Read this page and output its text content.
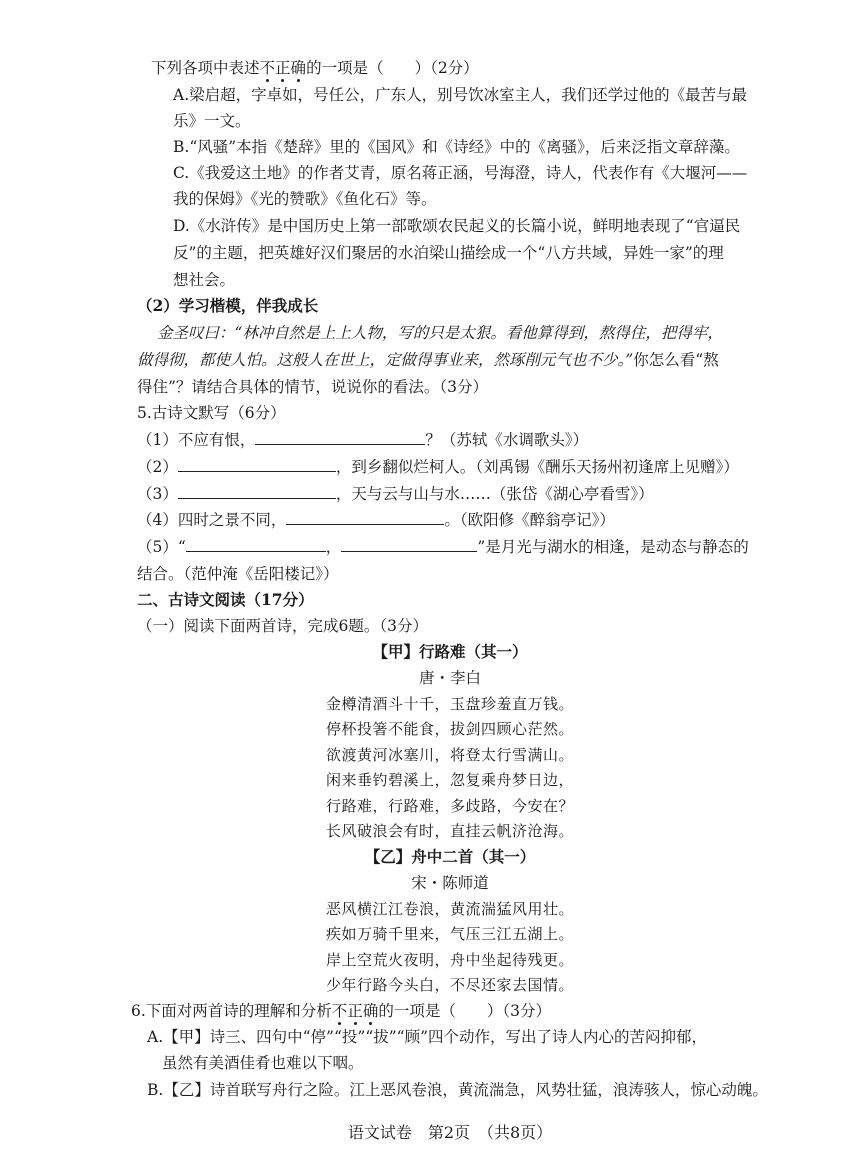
下列各项中表述不正确的一项是（　　）（2分）
A.梁启超，字卓如，号任公，广东人，别号饮冰室主人，我们还学过他的《最苦与最
乐》一文。
B.“风骚”本指《楚辞》里的《国风》和《诗经》中的《离骚》，后来泛指文章辞藻。
C.《我爱这土地》的作者艾青，原名蒋正涵，号海澄，诗人，代表作有《大堰河——
我的保姆》《光的赞歌》《鱼化石》等。
D.《水浒传》是中国历史上第一部歌颂农民起义的长篇小说，鲜明地表现了“官逼民
反”的主题，把英雄好汉们聚居的水泊梁山描绘成一个“八方共域，异姓一家”的理
想社会。
（2）学习楷模，伴我成长
金圣叹曰：“林冲自然是上上人物，写的只是太狠。看他算得到，熬得住，把得牢，
做得彻，都使人怕。这般人在世上，定做得事业来，然琢削元气也不少。”你怎么看“熬
得住”？请结合具体的情节，说说你的看法。（3分）
5.古诗文默写（6分）
（1）不应有恨，	？（苏轼《水调歌头》）
（2）	，到乡翻似烂柯人。（刘禹锡《酬乐天扬州初逢席上见赠》）
（3）	，天与云与山与水……（张岱《湖心亭看雪》）
（4）四时之景不同，	。（欧阳修《醉翁亭记》）
（5）“	，	”是月光与湖水的相逢，是动态与静态的
结合。（范仲淹《岳阳楼记》）
二、古诗文阅读（17分）
（一）阅读下面两首诗，完成6题。（3分）
【甲】行路难（其一）
唐・李白
金樽清酒斗十千，玉盘珍羞直万钱。
停杯投箸不能食，拔剑四顾心茫然。
欲渡黄河冰塞川，将登太行雪满山。
闲来垂钓碧溪上，忽复乘舟梦日边，
行路难，行路难，多歧路，今安在？
长风破浪会有时，直挂云帆济沧海。
【乙】舟中二首（其一）
宋・陈师道
恶风横江江卷浪，黄流湍猛风用壮。
疾如万骑千里来，气压三江五湖上。
岸上空荒火夜明，舟中坐起待残更。
少年行路今头白，不尽还家去国情。
6.下面对两首诗的理解和分析不正确的一项是（　　）（3分）
A.【甲】诗三、四句中“停”“投”“拔”“顾”四个动作，写出了诗人内心的苦闷抑郁，
虽然有美酒佳肴也难以下咽。
B.【乙】诗首联写舟行之险。江上恶风卷浪，黄流湍急，风势壮猛，浪涛骇人，惊心动魄。
语文试卷　第2页　（共8页）
